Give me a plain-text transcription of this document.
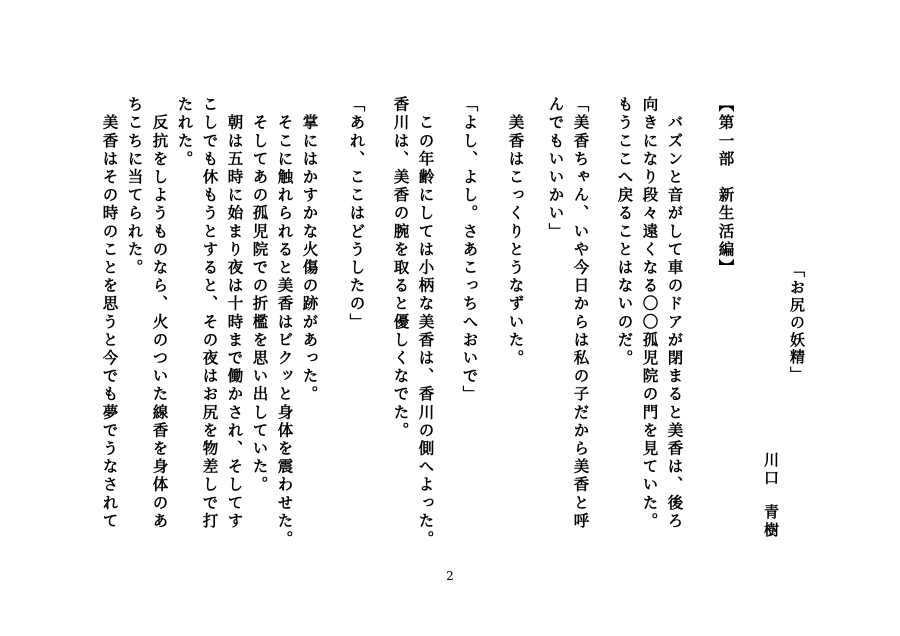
「お尻の妖精」
川口
青樹
【第一部　新生活編】
　バズンと音がして車のドアが閉まると美香は、後ろ
向きになり段々遠くなる〇〇孤児院の門を見ていた。
もうここへ戻ることはないのだ。
「美香ちゃん、いや今日からは私の子だから美香と呼
んでもいいかい」
　美香はこっくりとうなずいた。
「よし、よし。さあこっちへおいで」
　この年齢にしては小柄な美香は、香川の側へよった。
香川は、美香の腕を取ると優しくなでた。
「あれ、ここはどうしたの」
　掌にはかすかな火傷の跡があった。
　そこに触れられると美香はビクッと身体を震わせた。
　そしてあの孤児院での折檻を思い出していた。
　朝は五時に始まり夜は十時まで働かされ、そしてす
こしでも休もうとすると、その夜はお尻を物差しで打
たれた。
　反抗をしようものなら、火のついた線香を身体のあ
ちこちに当てられた。
　美香はその時のことを思うと今でも夢でうなされて
2
